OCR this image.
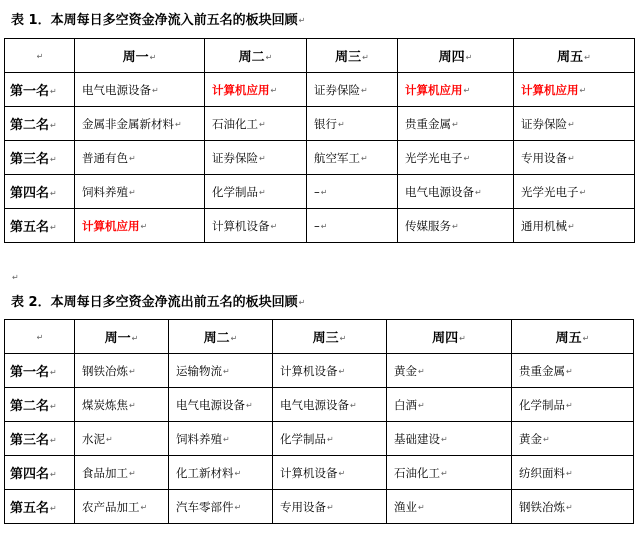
表 1．本周每日多空资金净流入前五名的板块回顾↵
↵	周一↵	周二↵	周三↵	周四↵	周五↵
第一名↵	电气电源设备↵	计算机应用↵	证券保险↵	计算机应用↵	计算机应用↵
第二名↵	金属非金属新材料↵	石油化工↵	银行↵	贵重金属↵	证券保险↵
第三名↵	普通有色↵	证券保险↵	航空军工↵	光学光电子↵	专用设备↵
第四名↵	饲料养殖↵	化学制品↵	–↵	电气电源设备↵	光学光电子↵
第五名↵	计算机应用↵	计算机设备↵	–↵	传媒服务↵	通用机械↵
↵
表 2．本周每日多空资金净流出前五名的板块回顾↵
↵	周一↵	周二↵	周三↵	周四↵	周五↵
第一名↵	钢铁冶炼↵	运输物流↵	计算机设备↵	黄金↵	贵重金属↵
第二名↵	煤炭炼焦↵	电气电源设备↵	电气电源设备↵	白酒↵	化学制品↵
第三名↵	水泥↵	饲料养殖↵	化学制品↵	基础建设↵	黄金↵
第四名↵	食品加工↵	化工新材料↵	计算机设备↵	石油化工↵	纺织面料↵
第五名↵	农产品加工↵	汽车零部件↵	专用设备↵	渔业↵	钢铁冶炼↵
